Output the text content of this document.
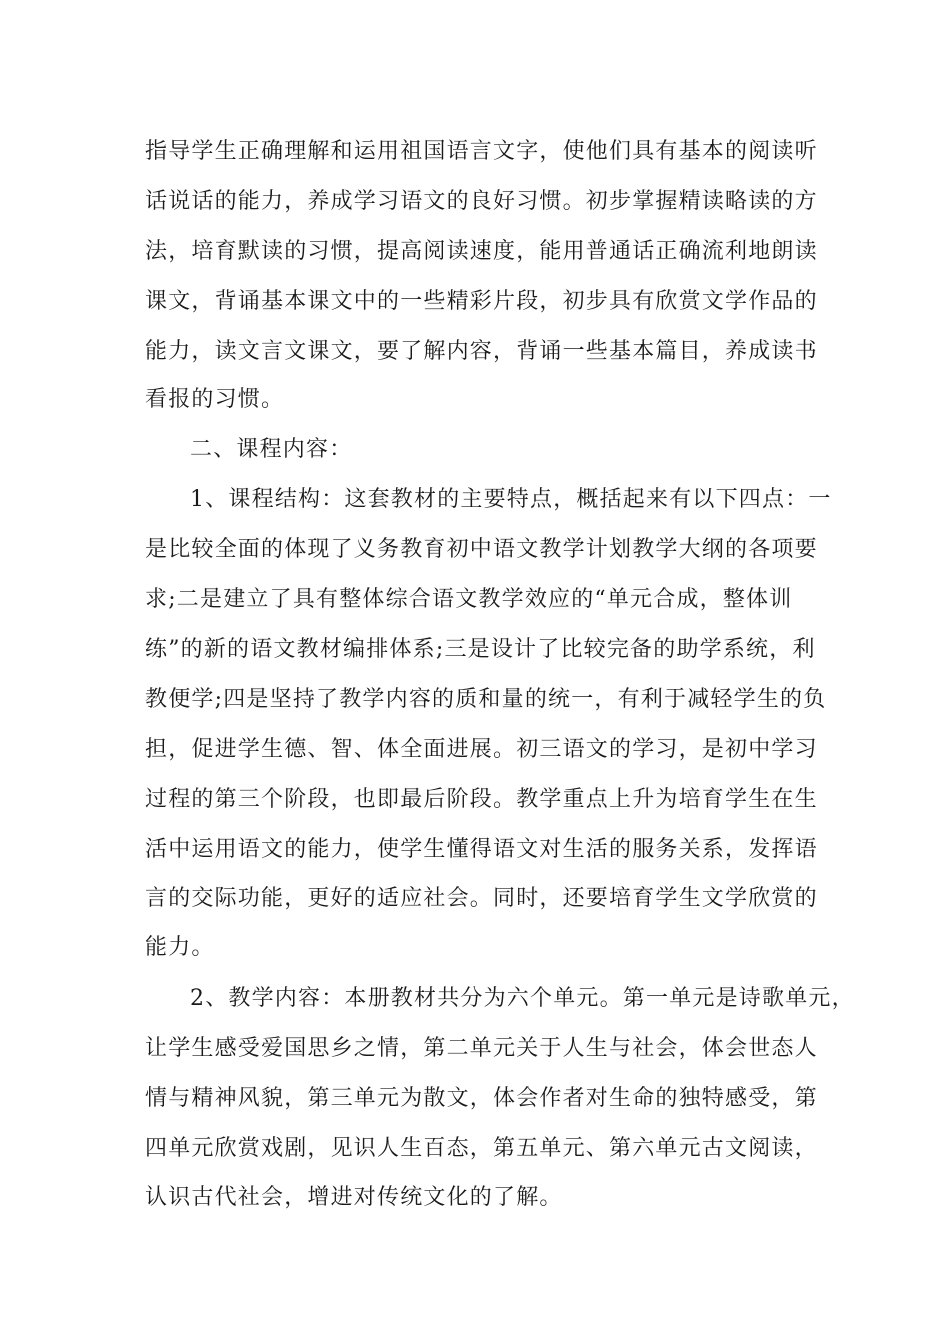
指导学生正确理解和运用祖国语言文字，使他们具有基本的阅读听

话说话的能力，养成学习语文的良好习惯。初步掌握精读略读的方

法，培育默读的习惯，提高阅读速度，能用普通话正确流利地朗读

课文，背诵基本课文中的一些精彩片段，初步具有欣赏文学作品的

能力，读文言文课文，要了解内容，背诵一些基本篇目，养成读书

看报的习惯。

二、课程内容：

1、课程结构：这套教材的主要特点，概括起来有以下四点：一

是比较全面的体现了义务教育初中语文教学计划教学大纲的各项要

求;二是建立了具有整体综合语文教学效应的“单元合成，整体训

练”的新的语文教材编排体系;三是设计了比较完备的助学系统，利

教便学;四是坚持了教学内容的质和量的统一，有利于减轻学生的负

担，促进学生德、智、体全面进展。初三语文的学习，是初中学习

过程的第三个阶段，也即最后阶段。教学重点上升为培育学生在生

活中运用语文的能力，使学生懂得语文对生活的服务关系，发挥语

言的交际功能，更好的适应社会。同时，还要培育学生文学欣赏的

能力。

2、教学内容：本册教材共分为六个单元。第一单元是诗歌单元，

让学生感受爱国思乡之情，第二单元关于人生与社会，体会世态人

情与精神风貌，第三单元为散文，体会作者对生命的独特感受，第

四单元欣赏戏剧，见识人生百态，第五单元、第六单元古文阅读，

认识古代社会，增进对传统文化的了解。
